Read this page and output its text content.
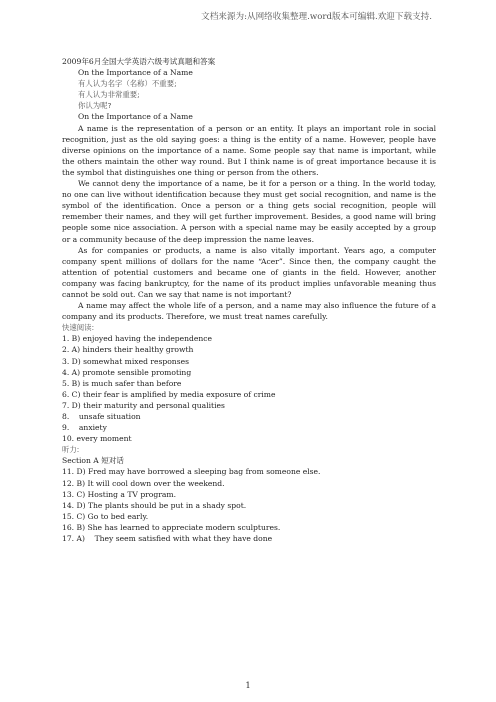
文档来源为:从网络收集整理.word版本可编辑.欢迎下载支持.
2009年6月全国大学英语六级考试真题和答案
On the Importance of a Name
有人认为名字（名称）不重要;
有人认为非常重要;
你认为呢?
On the Importance of a Name

A name is the representation of a person or an entity. It plays an important role in social recognition, just as the old saying goes: a thing is the entity of a name. However, people have diverse opinions on the importance of a name. Some people say that name is important, while the others maintain the other way round. But I think name is of great importance because it is the symbol that distinguishes one thing or person from the others.

We cannot deny the importance of a name, be it for a person or a thing. In the world today, no one can live without identification because they must get social recognition, and name is the symbol of the identification. Once a person or a thing gets social recognition, people will remember their names, and they will get further improvement. Besides, a good name will bring people some nice association. A person with a special name may be easily accepted by a group or a community because of the deep impression the name leaves.

As for companies or products, a name is also vitally important. Years ago, a computer company spent millions of dollars for the name “Acer”. Since then, the company caught the attention of potential customers and became one of giants in the field. However, another company was facing bankruptcy, for the name of its product implies unfavorable meaning thus cannot be sold out. Can we say that name is not important?

A name may affect the whole life of a person, and a name may also influence the future of a company and its products. Therefore, we must treat names carefully.

快速阅读:
1. B) enjoyed having the independence
2. A) hinders their healthy growth
3. D) somewhat mixed responses
4. A) promote sensible promoting
5. B) is much safer than before
6. C) their fear is amplified by media exposure of crime
7. D) their maturity and personal qualities
8.    unsafe situation
9.    anxiety
10. every moment
听力:
Section A 短对话
11. D) Fred may have borrowed a sleeping bag from someone else.
12. B) It will cool down over the weekend.
13. C) Hosting a TV program.
14. D) The plants should be put in a shady spot.
15. C) Go to bed early.
16. B) She has learned to appreciate modern sculptures.
17. A)    They seem satisfied with what they have done
1
